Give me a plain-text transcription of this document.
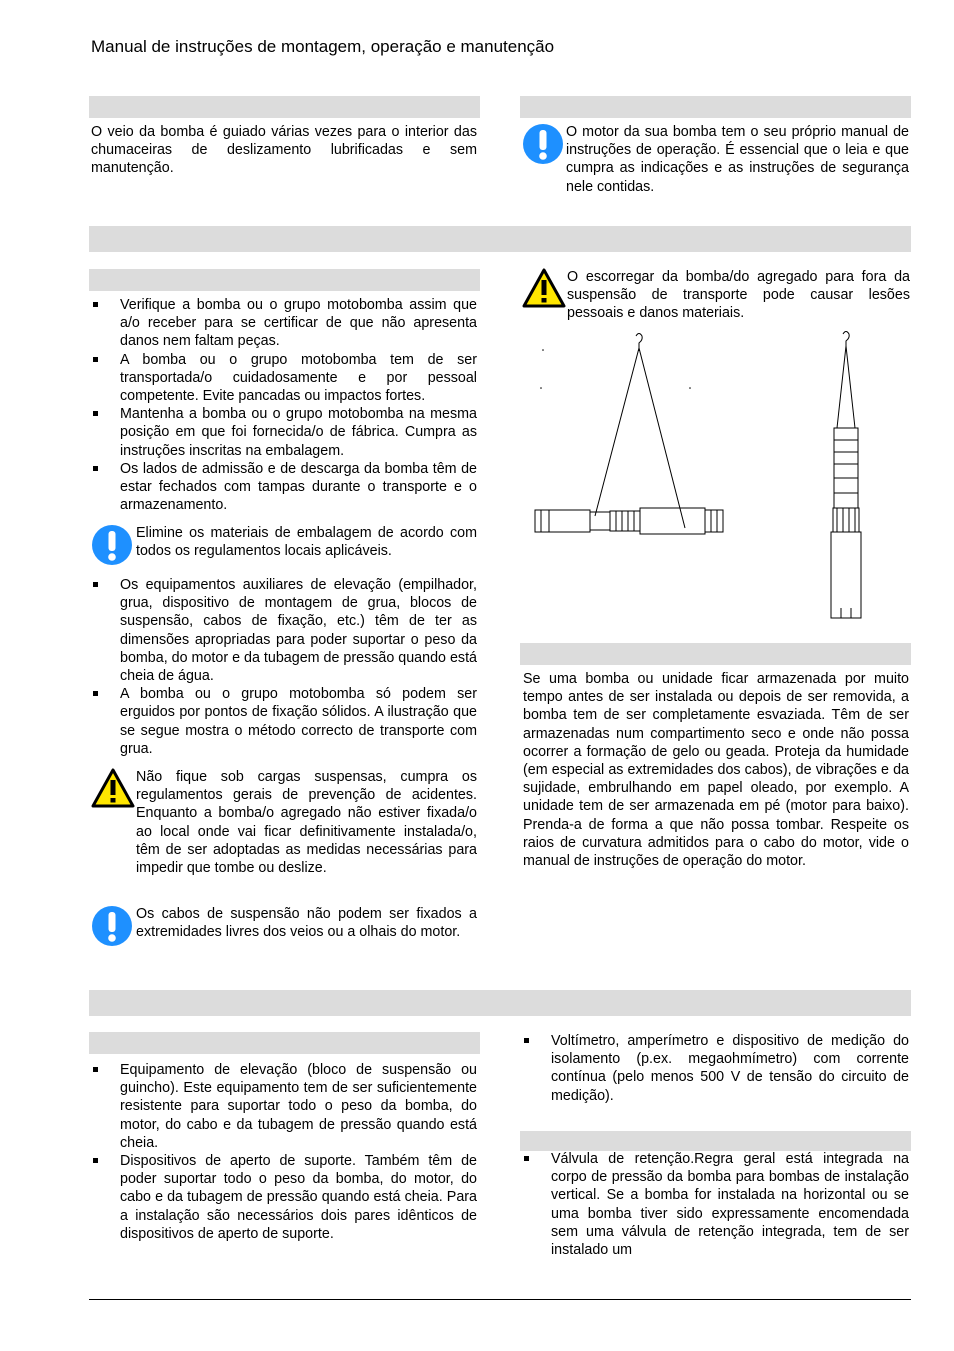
Manual de instruções de montagem, operação e manutenção
O veio da bomba é guiado várias vezes para o interior das chumaceiras de deslizamento lubrificadas e sem manutenção.
O motor da sua bomba tem o seu próprio manual de instruções de operação. É essencial que o leia e que cumpra as indicações e as instruções de segurança nele contidas.
Verifique a bomba ou o grupo motobomba assim que a/o receber para se certificar de que não apresenta danos nem faltam peças.
A bomba ou o grupo motobomba tem de ser transportada/o cuidadosamente e por pessoal competente. Evite pancadas ou impactos fortes.
Mantenha a bomba ou o grupo motobomba na mesma posição em que foi fornecida/o de fábrica. Cumpra as instruções inscritas na embalagem.
Os lados de admissão e de descarga da bomba têm de estar fechados com tampas durante o transporte e o armazenamento.
Elimine os materiais de embalagem de acordo com todos os regulamentos locais aplicáveis.
Os equipamentos auxiliares de elevação (empilhador, grua, dispositivo de montagem de grua, blocos de suspensão, cabos de fixação, etc.) têm de ter as dimensões apropriadas para poder suportar o peso da bomba, do motor e da tubagem de pressão quando está cheia de água.
A bomba ou o grupo motobomba só podem ser erguidos por pontos de fixação sólidos. A ilustração que se segue mostra o método correcto de transporte com grua.
Não fique sob cargas suspensas, cumpra os regulamentos gerais de prevenção de acidentes. Enquanto a bomba/o agregado não estiver fixada/o ao local onde vai ficar definitivamente instalada/o, têm de ser adoptadas as medidas necessárias para impedir que tombe ou deslize.
Os cabos de suspensão não podem ser fixados a extremidades livres dos veios ou a olhais do motor.
O escorregar da bomba/do agregado para fora da suspensão de transporte pode causar lesões pessoais e danos materiais.
Se uma bomba ou unidade ficar armazenada por muito tempo antes de ser instalada ou depois de ser removida, a bomba tem de ser completamente esvaziada. Têm de ser armazenadas num compartimento seco e onde não possa ocorrer a formação de gelo ou geada. Proteja da humidade (em especial as extremidades dos cabos), de vibrações e da sujidade, embrulhando em papel oleado, por exemplo. A unidade tem de ser armazenada em pé (motor para baixo). Prenda-a de forma a que não possa tombar. Respeite os raios de curvatura admitidos para o cabo do motor, vide o manual de instruções de operação do motor.
Equipamento de elevação (bloco de suspensão ou guincho). Este equipamento tem de ser suficientemente resistente para suportar todo o peso da bomba, do motor, do cabo e da tubagem de pressão quando está cheia.
Dispositivos de aperto de suporte. Também têm de poder suportar todo o peso da bomba, do motor, do cabo e da tubagem de pressão quando está cheia. Para a instalação são necessários dois pares idênticos de dispositivos de aperto de suporte.
Voltímetro, amperímetro e dispositivo de medição do isolamento (p.ex. megaohmímetro) com corrente contínua (pelo menos 500 V de tensão do circuito de medição).
Válvula de retenção.Regra geral está integrada na corpo de pressão da bomba para bombas de instalação vertical. Se a bomba for instalada na horizontal ou se uma bomba tiver sido expressamente encomendada sem uma válvula de retenção integrada, tem de ser instalado um
